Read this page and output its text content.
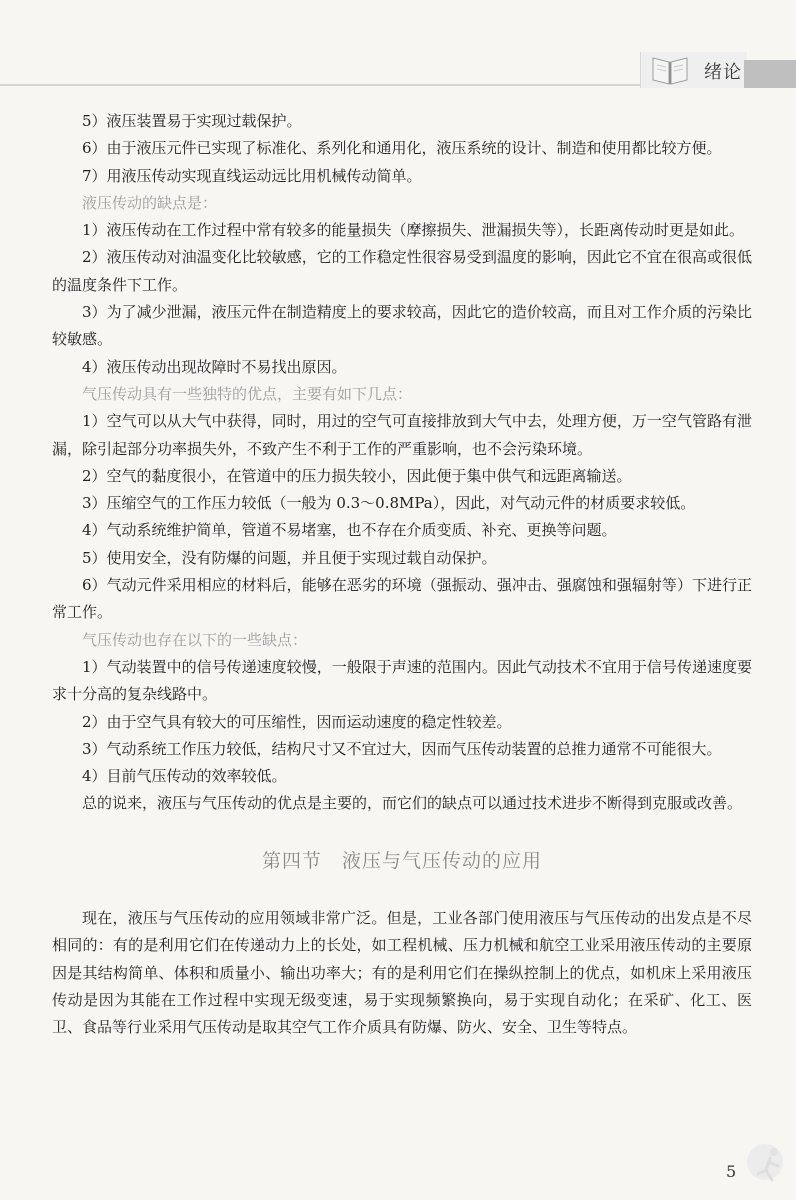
绪论

5）液压装置易于实现过载保护。

6）由于液压元件已实现了标准化、系列化和通用化，液压系统的设计、制造和使用都比较方便。

7）用液压传动实现直线运动远比用机械传动简单。

液压传动的缺点是：

1）液压传动在工作过程中常有较多的能量损失（摩擦损失、泄漏损失等），长距离传动时更是如此。

2）液压传动对油温变化比较敏感，它的工作稳定性很容易受到温度的影响，因此它不宜在很高或很低的温度条件下工作。

3）为了减少泄漏，液压元件在制造精度上的要求较高，因此它的造价较高，而且对工作介质的污染比较敏感。

4）液压传动出现故障时不易找出原因。

气压传动具有一些独特的优点，主要有如下几点：

1）空气可以从大气中获得，同时，用过的空气可直接排放到大气中去，处理方便，万一空气管路有泄漏，除引起部分功率损失外，不致产生不利于工作的严重影响，也不会污染环境。

2）空气的黏度很小，在管道中的压力损失较小，因此便于集中供气和远距离输送。

3）压缩空气的工作压力较低（一般为 0.3～0.8MPa），因此，对气动元件的材质要求较低。

4）气动系统维护简单，管道不易堵塞，也不存在介质变质、补充、更换等问题。

5）使用安全，没有防爆的问题，并且便于实现过载自动保护。

6）气动元件采用相应的材料后，能够在恶劣的环境（强振动、强冲击、强腐蚀和强辐射等）下进行正常工作。

气压传动也存在以下的一些缺点：

1）气动装置中的信号传递速度较慢，一般限于声速的范围内。因此气动技术不宜用于信号传递速度要求十分高的复杂线路中。

2）由于空气具有较大的可压缩性，因而运动速度的稳定性较差。

3）气动系统工作压力较低，结构尺寸又不宜过大，因而气压传动装置的总推力通常不可能很大。

4）目前气压传动的效率较低。

总的说来，液压与气压传动的优点是主要的，而它们的缺点可以通过技术进步不断得到克服或改善。

第四节　液压与气压传动的应用

现在，液压与气压传动的应用领域非常广泛。但是，工业各部门使用液压与气压传动的出发点是不尽相同的：有的是利用它们在传递动力上的长处，如工程机械、压力机械和航空工业采用液压传动的主要原因是其结构简单、体积和质量小、输出功率大；有的是利用它们在操纵控制上的优点，如机床上采用液压传动是因为其能在工作过程中实现无级变速，易于实现频繁换向，易于实现自动化；在采矿、化工、医卫、食品等行业采用气压传动是取其空气工作介质具有防爆、防火、安全、卫生等特点。

5
